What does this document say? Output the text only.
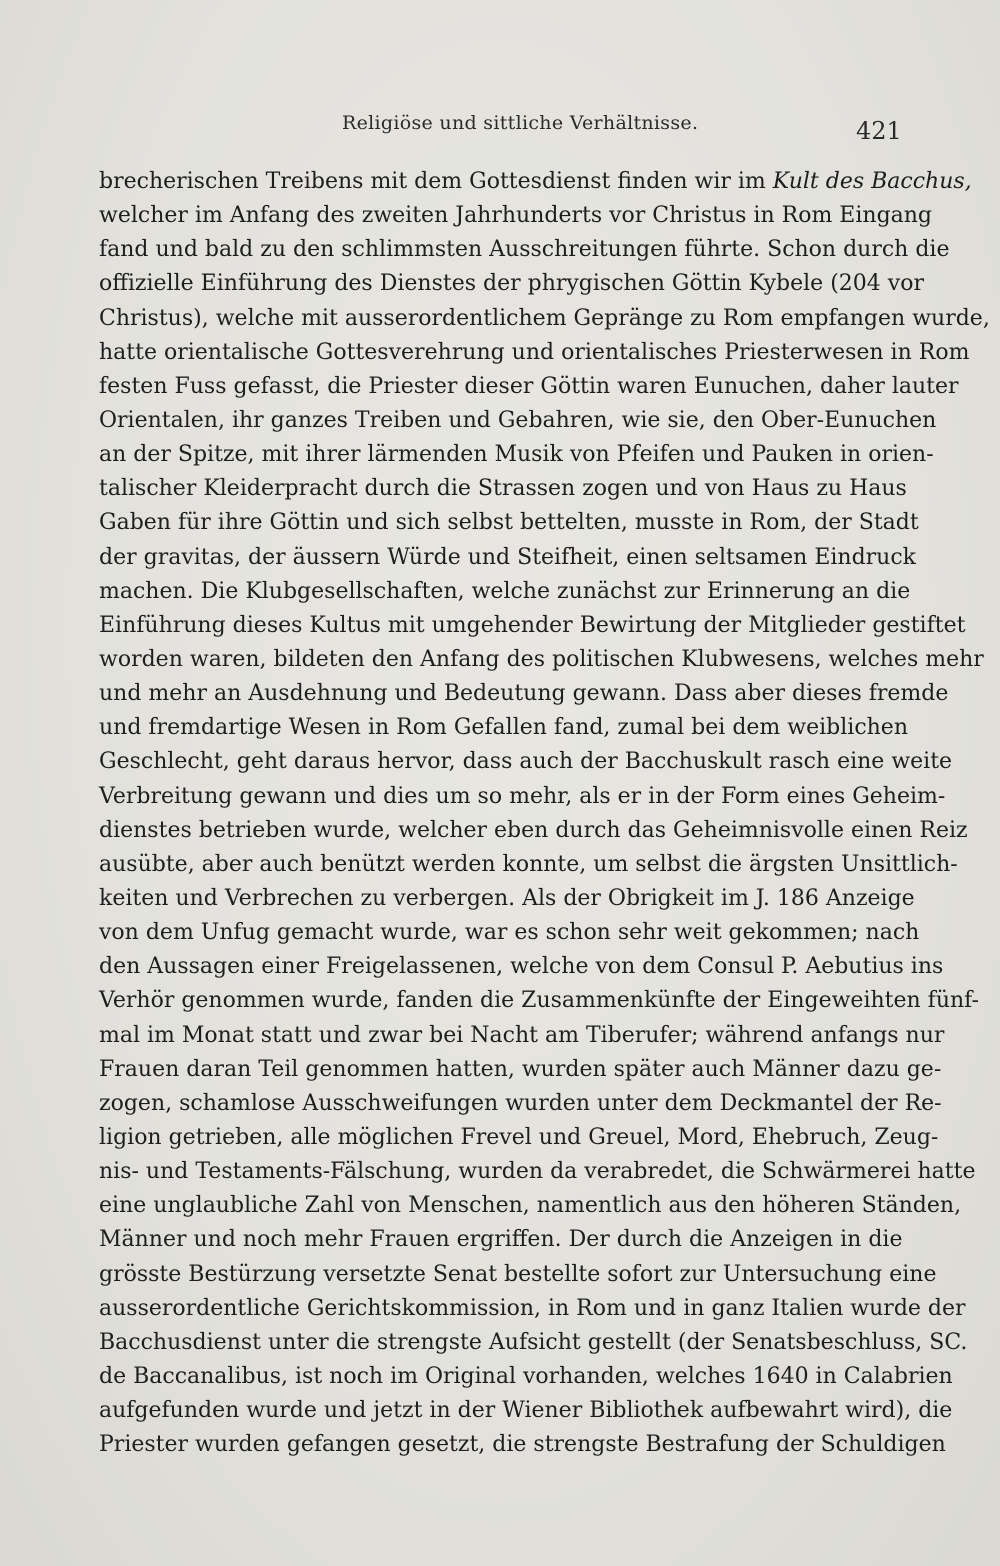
Religiöse und sittliche Verhältnisse.	421
brecherischen Treibens mit dem Gottesdienst finden wir im Kult des Bacchus,
welcher im Anfang des zweiten Jahrhunderts vor Christus in Rom Eingang
fand und bald zu den schlimmsten Ausschreitungen führte. Schon durch die
offizielle Einführung des Dienstes der phrygischen Göttin Kybele (204 vor
Christus), welche mit ausserordentlichem Gepränge zu Rom empfangen wurde,
hatte orientalische Gottesverehrung und orientalisches Priesterwesen in Rom
festen Fuss gefasst, die Priester dieser Göttin waren Eunuchen, daher lauter
Orientalen, ihr ganzes Treiben und Gebahren, wie sie, den Ober-Eunuchen
an der Spitze, mit ihrer lärmenden Musik von Pfeifen und Pauken in orien-
talischer Kleiderpracht durch die Strassen zogen und von Haus zu Haus
Gaben für ihre Göttin und sich selbst bettelten, musste in Rom, der Stadt
der gravitas, der äussern Würde und Steifheit, einen seltsamen Eindruck
machen. Die Klubgesellschaften, welche zunächst zur Erinnerung an die
Einführung dieses Kultus mit umgehender Bewirtung der Mitglieder gestiftet
worden waren, bildeten den Anfang des politischen Klubwesens, welches mehr
und mehr an Ausdehnung und Bedeutung gewann. Dass aber dieses fremde
und fremdartige Wesen in Rom Gefallen fand, zumal bei dem weiblichen
Geschlecht, geht daraus hervor, dass auch der Bacchuskult rasch eine weite
Verbreitung gewann und dies um so mehr, als er in der Form eines Geheim-
dienstes betrieben wurde, welcher eben durch das Geheimnisvolle einen Reiz
ausübte, aber auch benützt werden konnte, um selbst die ärgsten Unsittlich-
keiten und Verbrechen zu verbergen. Als der Obrigkeit im J. 186 Anzeige
von dem Unfug gemacht wurde, war es schon sehr weit gekommen; nach
den Aussagen einer Freigelassenen, welche von dem Consul P. Aebutius ins
Verhör genommen wurde, fanden die Zusammenkünfte der Eingeweihten fünf-
mal im Monat statt und zwar bei Nacht am Tiberufer; während anfangs nur
Frauen daran Teil genommen hatten, wurden später auch Männer dazu ge-
zogen, schamlose Ausschweifungen wurden unter dem Deckmantel der Re-
ligion getrieben, alle möglichen Frevel und Greuel, Mord, Ehebruch, Zeug-
nis- und Testaments-Fälschung, wurden da verabredet, die Schwärmerei hatte
eine unglaubliche Zahl von Menschen, namentlich aus den höheren Ständen,
Männer und noch mehr Frauen ergriffen. Der durch die Anzeigen in die
grösste Bestürzung versetzte Senat bestellte sofort zur Untersuchung eine
ausserordentliche Gerichtskommission, in Rom und in ganz Italien wurde der
Bacchusdienst unter die strengste Aufsicht gestellt (der Senatsbeschluss, SC.
de Baccanalibus, ist noch im Original vorhanden, welches 1640 in Calabrien
aufgefunden wurde und jetzt in der Wiener Bibliothek aufbewahrt wird), die
Priester wurden gefangen gesetzt, die strengste Bestrafung der Schuldigen
